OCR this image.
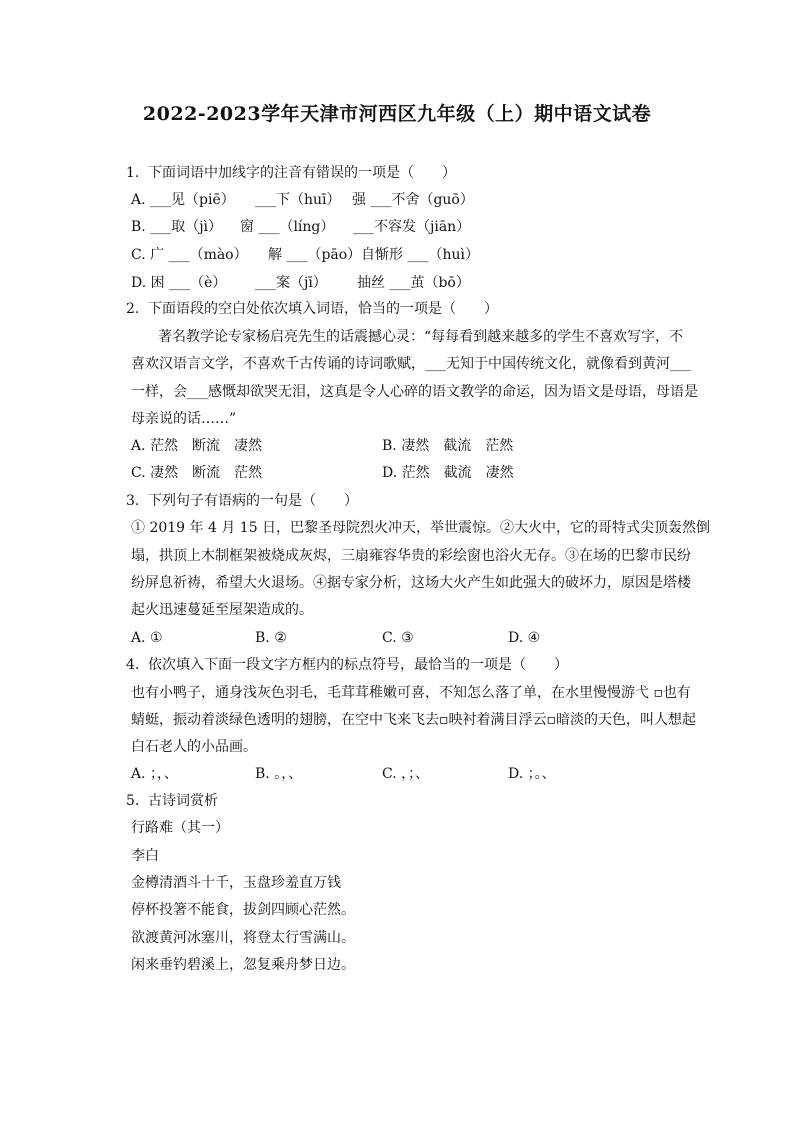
2022-2023学年天津市河西区九年级（上）期中语文试卷
1. 下面词语中加线字的注音有错误的一项是（　　）
A. ___见（piē） ___下（huī） 强 ___不舍（guō）
B. ___取（jì） 窗 ___（líng） ___不容发（jiān）
C. 广 ___（mào） 解 ___（pāo） 自惭形 ___（huì）
D. 困 ___（è） ___案（jī） 抽丝 ___茧（bō）
2. 下面语段的空白处依次填入词语，恰当的一项是（　　）
著名教学论专家杨启亮先生的话震撼心灵：“每每看到越来越多的学生不喜欢写字，不
喜欢汉语言文学，不喜欢千古传诵的诗词歌赋，___无知于中国传统文化，就像看到黄河___
一样，会___感慨却欲哭无泪，这真是令人心碎的语文教学的命运，因为语文是母语，母语是
母亲说的话……”
A. 茫然　断流　凄然	B. 凄然　截流　茫然
C. 凄然　断流　茫然	D. 茫然　截流　凄然
3. 下列句子有语病的一句是（　　）
① 2019 年 4 月 15 日，巴黎圣母院烈火冲天，举世震惊。②大火中，它的哥特式尖顶轰然倒
塌，拱顶上木制框架被烧成灰烬，三扇雍容华贵的彩绘窗也浴火无存。③在场的巴黎市民纷
纷屏息祈祷，希望大火退场。④据专家分析，这场大火产生如此强大的破坏力，原因是塔楼
起火迅速蔓延至屋架造成的。
A. ①	B. ②	C. ③	D. ④
4. 依次填入下面一段文字方框内的标点符号，最恰当的一项是（　　）
也有小鸭子，通身浅灰色羽毛，毛茸茸稚嫩可喜，不知怎么落了单，在水里慢慢游弋 ▫也有
蜻蜓，振动着淡绿色透明的翅膀，在空中飞来飞去▫映衬着满目浮云▫暗淡的天色，叫人想起
白石老人的小品画。
A. ；，、	B. 。，、	C. ，；、	D. ；。、
5. 古诗词赏析
行路难（其一）
李白
金樽清酒斗十千，玉盘珍羞直万钱
停杯投箸不能食，拔剑四顾心茫然。
欲渡黄河冰塞川，将登太行雪满山。
闲来垂钓碧溪上，忽复乘舟梦日边。
